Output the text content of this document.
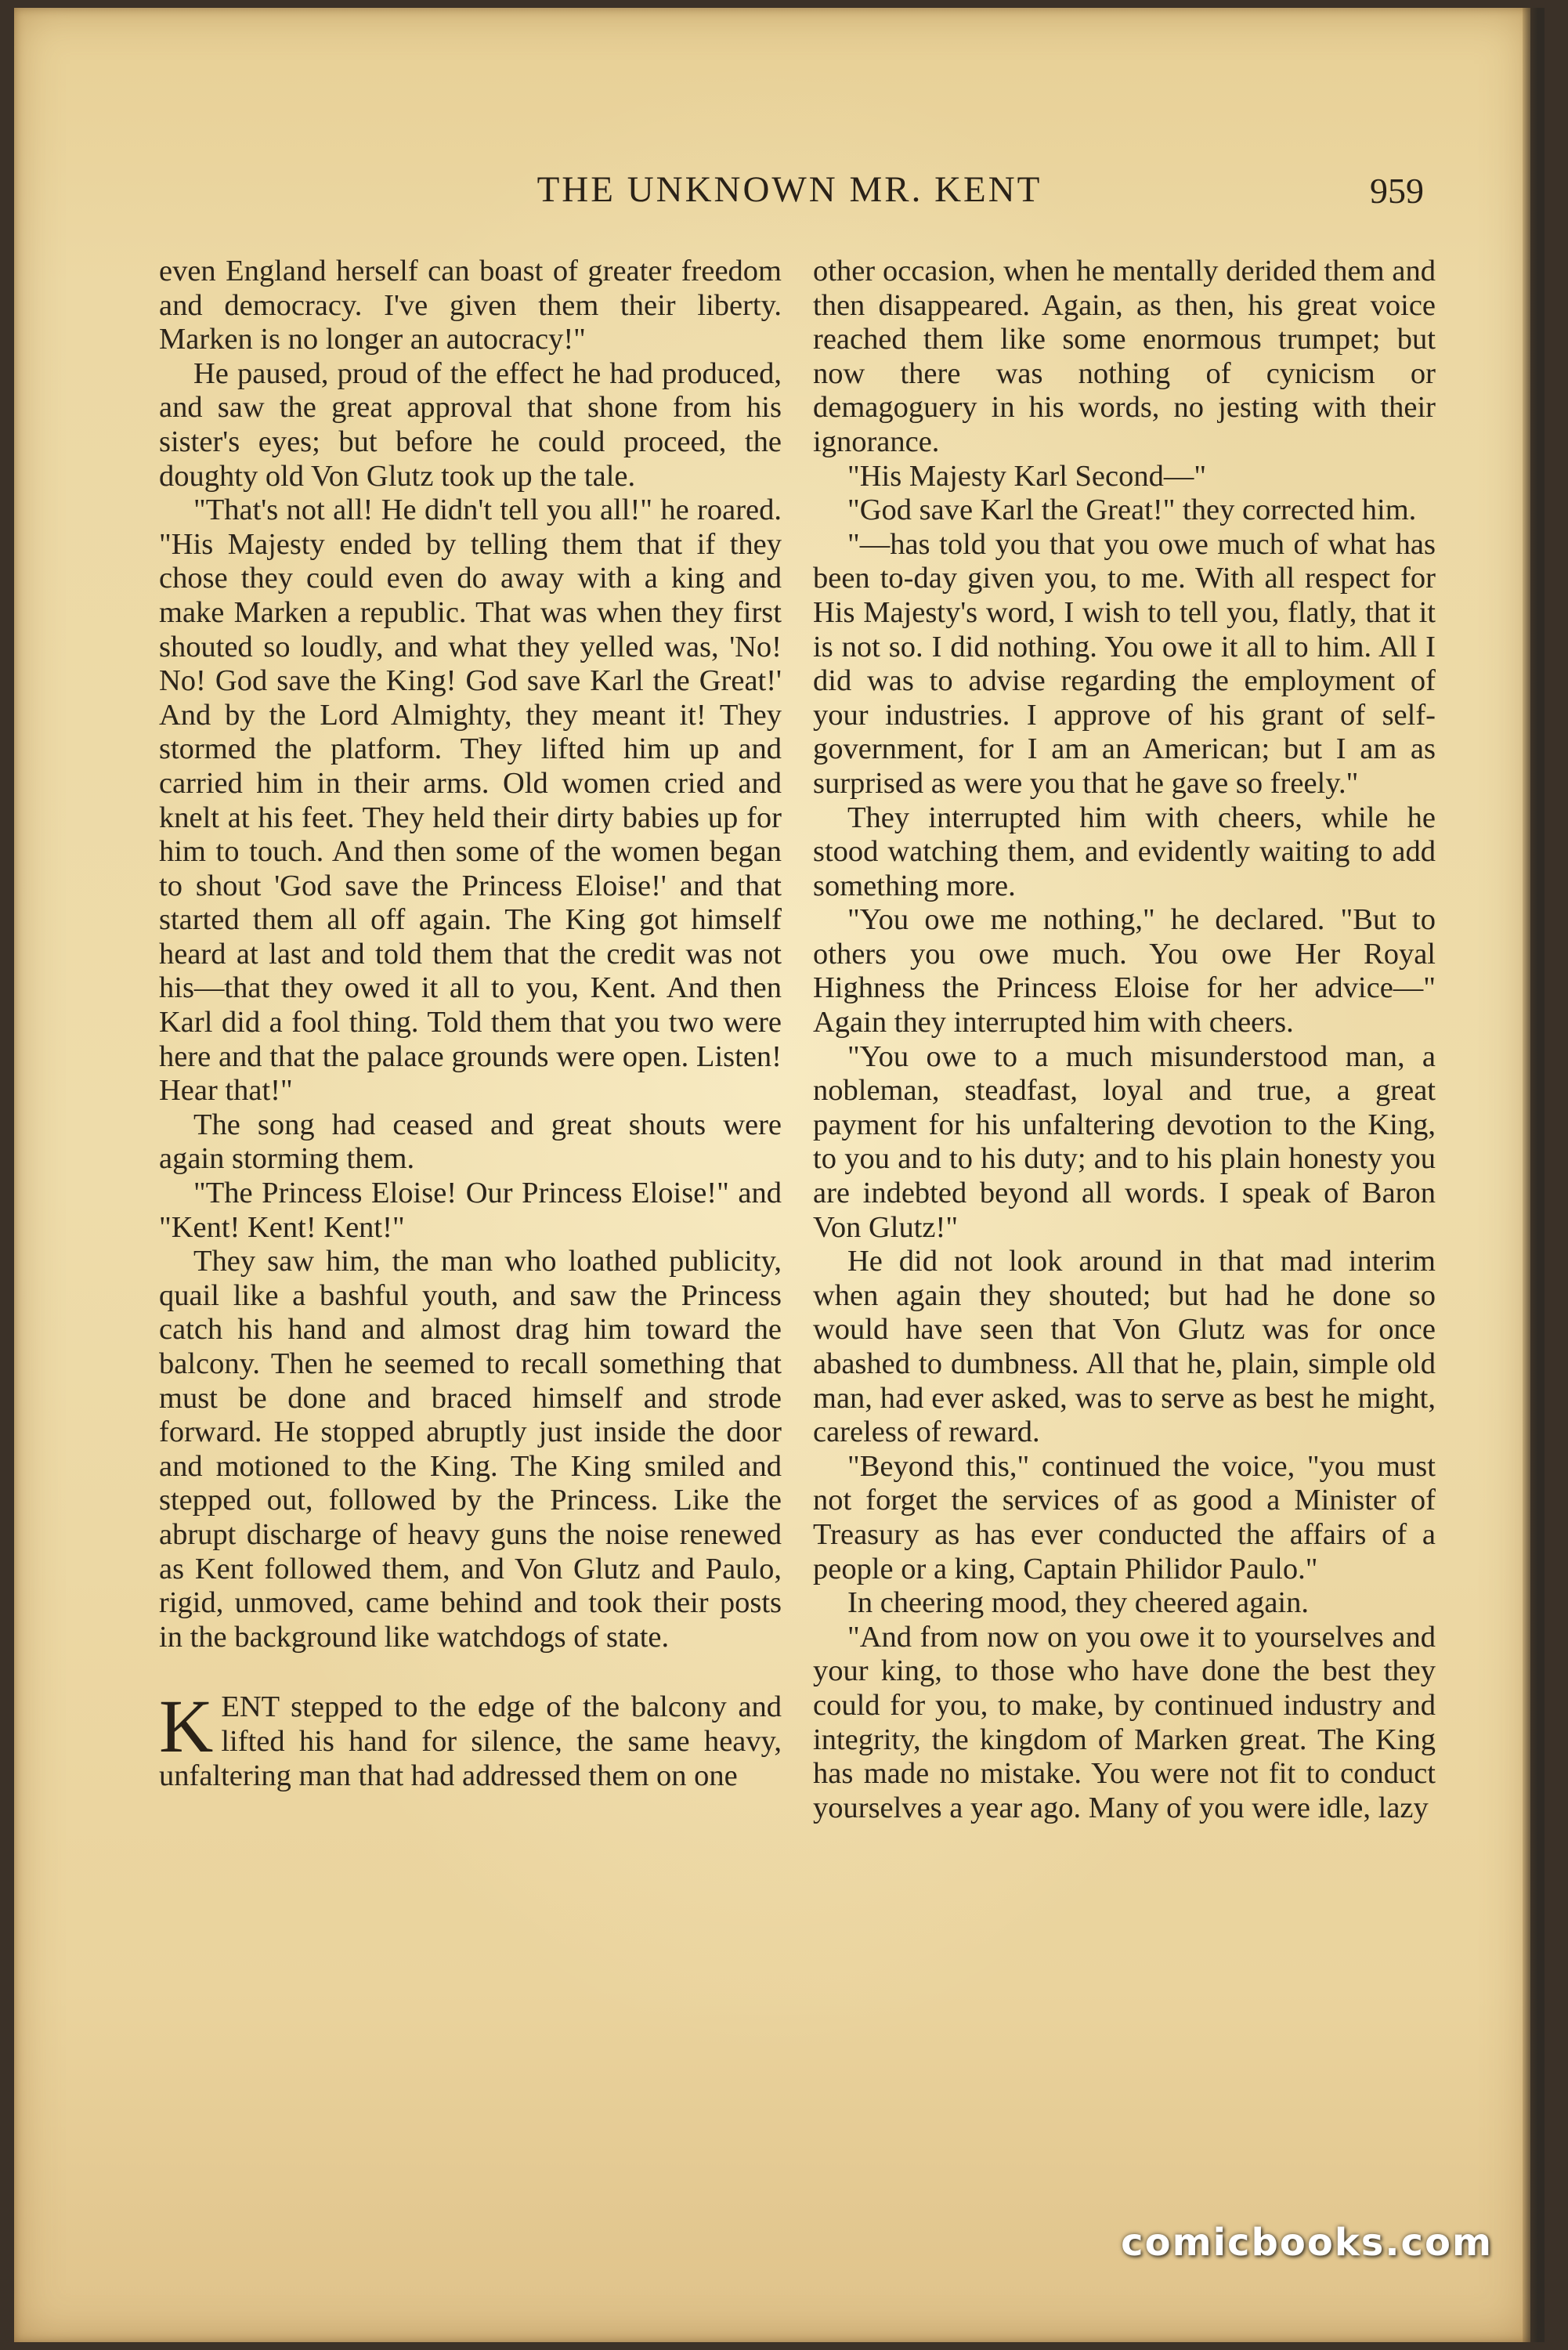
THE UNKNOWN MR. KENT	959

even England herself can boast of greater freedom and democracy. I've given them their liberty. Marken is no longer an autocracy!"

He paused, proud of the effect he had produced, and saw the great approval that shone from his sister's eyes; but before he could proceed, the doughty old Von Glutz took up the tale.

"That's not all! He didn't tell you all!" he roared. "His Majesty ended by telling them that if they chose they could even do away with a king and make Marken a republic. That was when they first shouted so loudly, and what they yelled was, 'No! No! God save the King! God save Karl the Great!' And by the Lord Almighty, they meant it! They stormed the platform. They lifted him up and carried him in their arms. Old women cried and knelt at his feet. They held their dirty babies up for him to touch. And then some of the women began to shout 'God save the Princess Eloise!' and that started them all off again. The King got himself heard at last and told them that the credit was not his—that they owed it all to you, Kent. And then Karl did a fool thing. Told them that you two were here and that the palace grounds were open. Listen! Hear that!"

The song had ceased and great shouts were again storming them.

"The Princess Eloise! Our Princess Eloise!" and "Kent! Kent! Kent!"

They saw him, the man who loathed publicity, quail like a bashful youth, and saw the Princess catch his hand and almost drag him toward the balcony. Then he seemed to recall something that must be done and braced himself and strode forward. He stopped abruptly just inside the door and motioned to the King. The King smiled and stepped out, followed by the Princess. Like the abrupt discharge of heavy guns the noise renewed as Kent followed them, and Von Glutz and Paulo, rigid, unmoved, came behind and took their posts in the background like watchdogs of state.

KENT stepped to the edge of the balcony and lifted his hand for silence, the same heavy, unfaltering man that had addressed them on one

other occasion, when he mentally derided them and then disappeared. Again, as then, his great voice reached them like some enormous trumpet; but now there was nothing of cynicism or demagoguery in his words, no jesting with their ignorance.

"His Majesty Karl Second—"

"God save Karl the Great!" they corrected him.

"—has told you that you owe much of what has been to-day given you, to me. With all respect for His Majesty's word, I wish to tell you, flatly, that it is not so. I did nothing. You owe it all to him. All I did was to advise regarding the employment of your industries. I approve of his grant of self-government, for I am an American; but I am as surprised as were you that he gave so freely."

They interrupted him with cheers, while he stood watching them, and evidently waiting to add something more.

"You owe me nothing," he declared. "But to others you owe much. You owe Her Royal Highness the Princess Eloise for her advice—" Again they interrupted him with cheers.

"You owe to a much misunderstood man, a nobleman, steadfast, loyal and true, a great payment for his unfaltering devotion to the King, to you and to his duty; and to his plain honesty you are indebted beyond all words. I speak of Baron Von Glutz!"

He did not look around in that mad interim when again they shouted; but had he done so would have seen that Von Glutz was for once abashed to dumbness. All that he, plain, simple old man, had ever asked, was to serve as best he might, careless of reward.

"Beyond this," continued the voice, "you must not forget the services of as good a Minister of Treasury as has ever conducted the affairs of a people or a king, Captain Philidor Paulo."

In cheering mood, they cheered again.

"And from now on you owe it to yourselves and your king, to those who have done the best they could for you, to make, by continued industry and integrity, the kingdom of Marken great. The King has made no mistake. You were not fit to conduct yourselves a year ago. Many of you were idle, lazy

comicbooks.com
